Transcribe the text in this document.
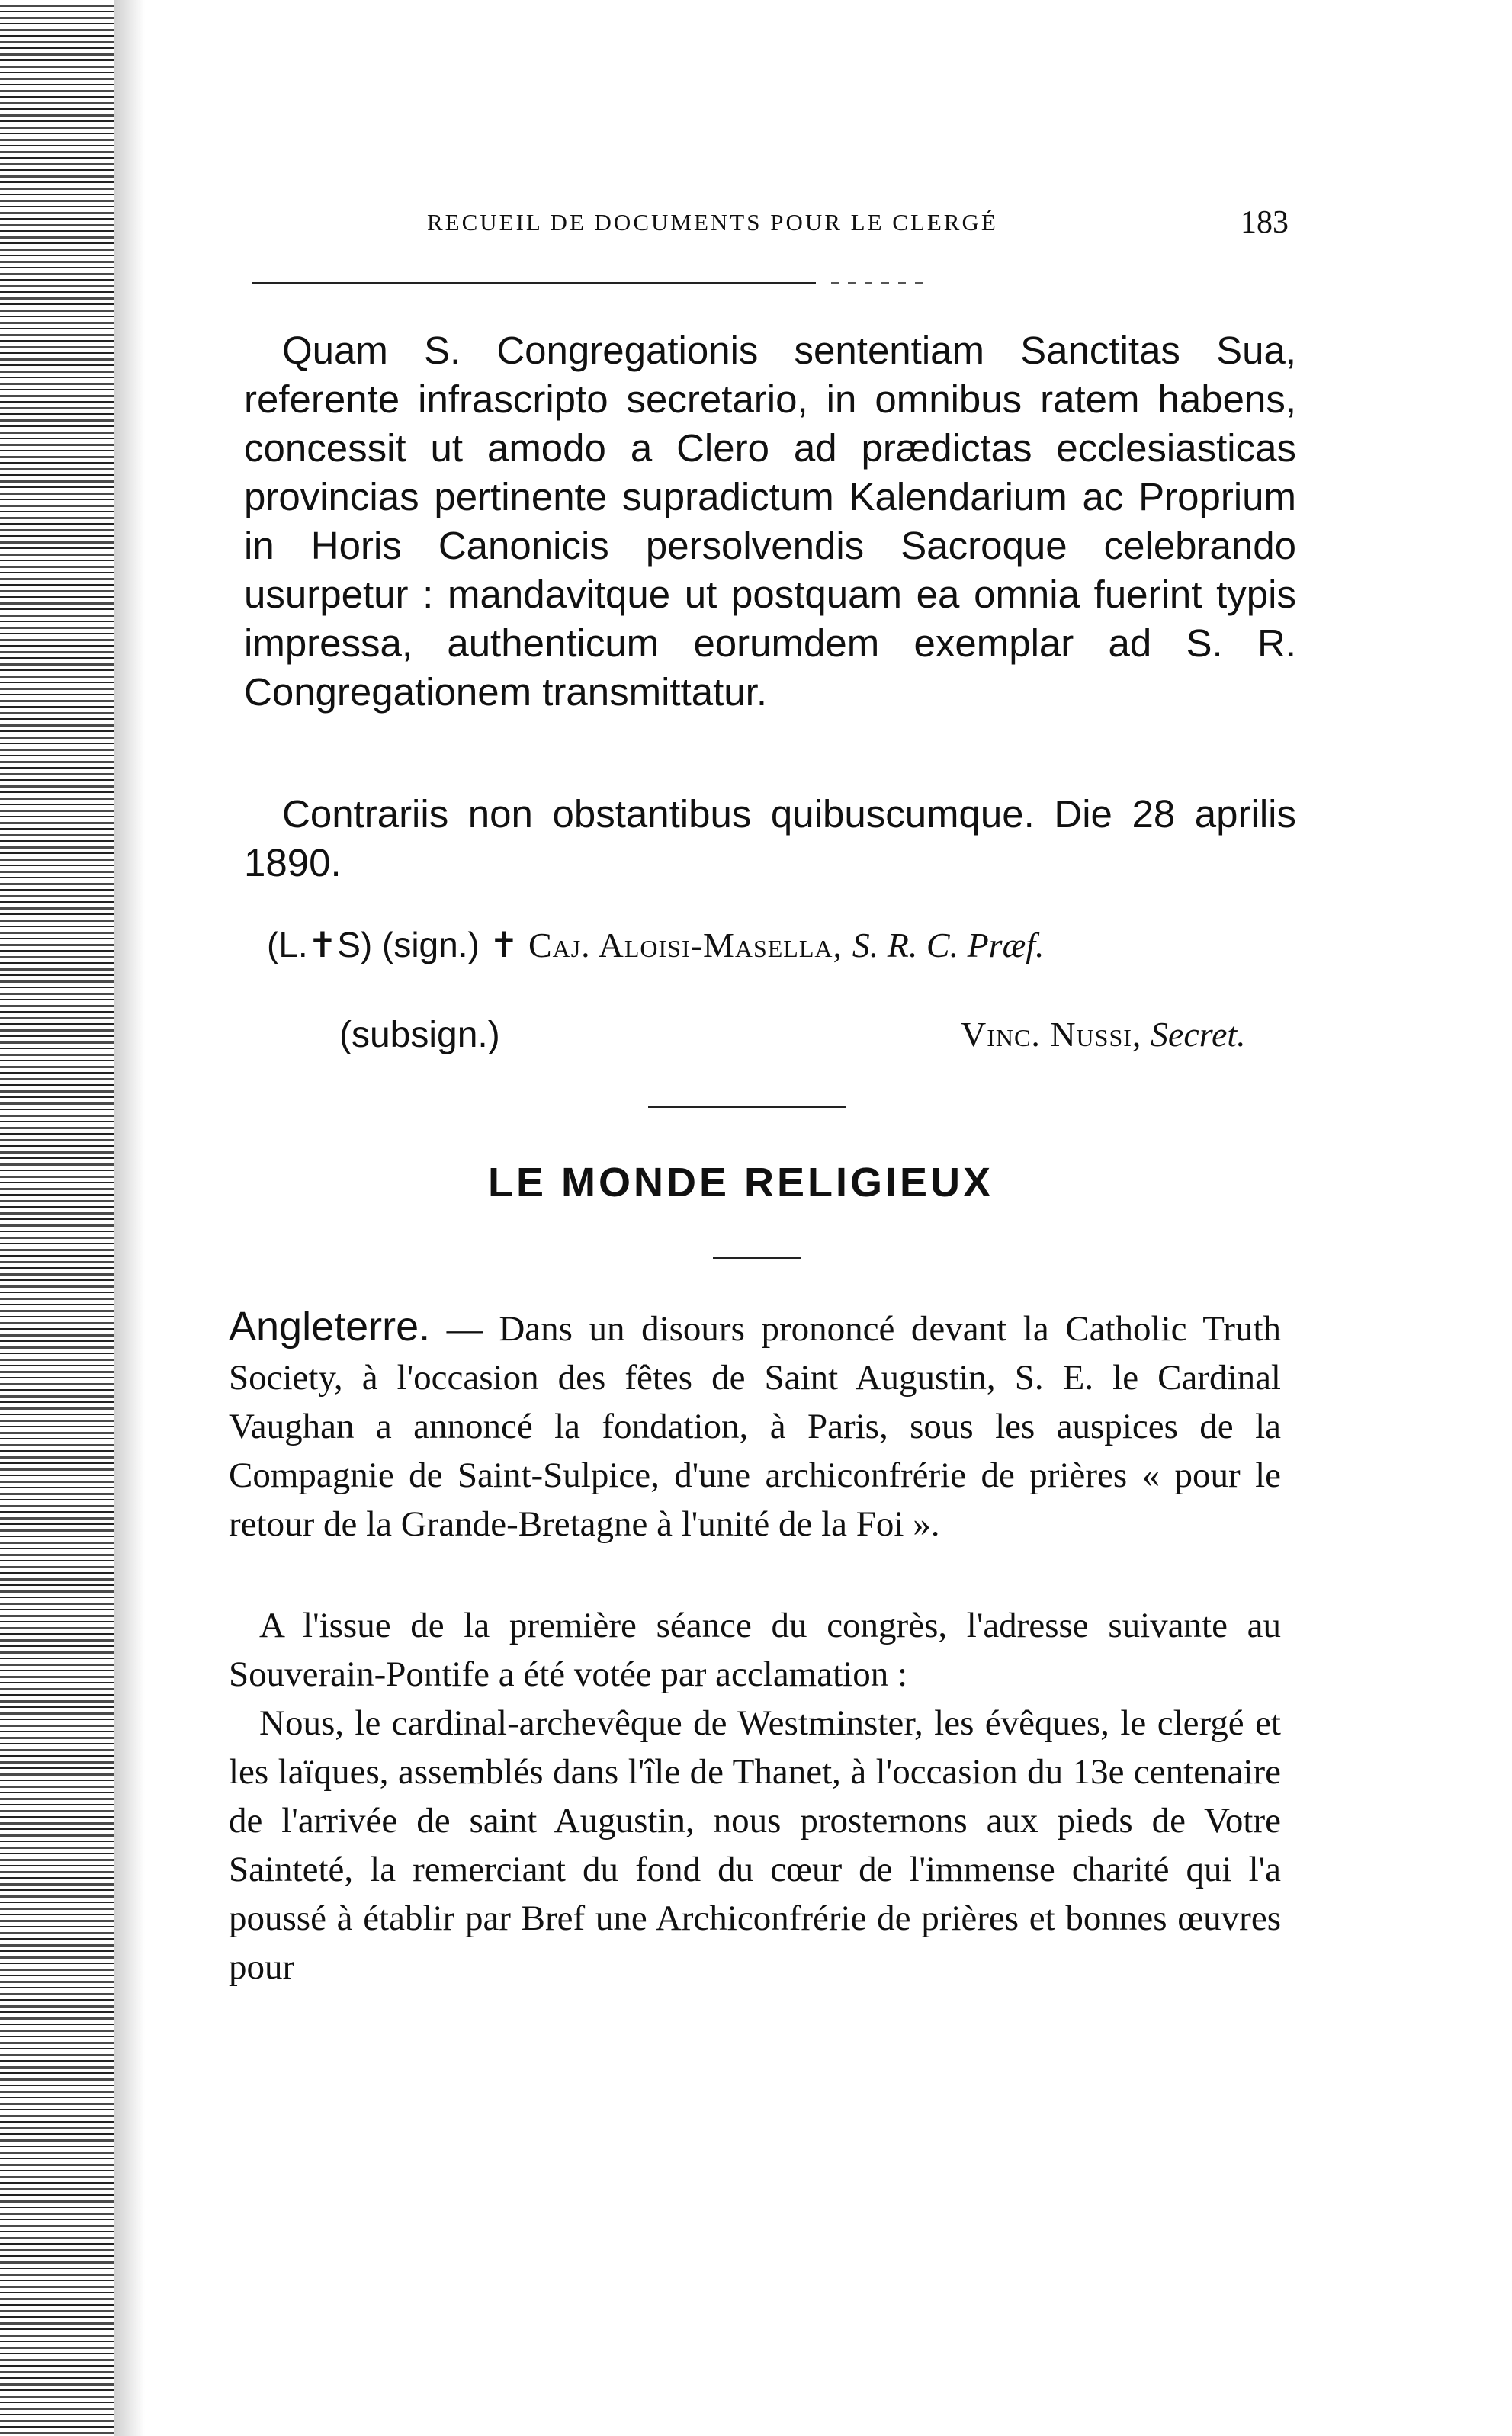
RECUEIL DE DOCUMENTS POUR LE CLERGÉ	183
Quam S. Congregationis sententiam Sanctitas Sua, referente infrascripto secretario, in omnibus ratem habens, concessit ut amodo a Clero ad prædictas ecclesiasticas provincias pertinente supradictum Kalendarium ac Proprium in Horis Canonicis persolvendis Sacroque celebrando usurpetur : mandavitque ut postquam ea omnia fuerint typis impressa, authenticum eorumdem exemplar ad S. R. Congregationem transmittatur.
Contrariis non obstantibus quibuscumque. Die 28 aprilis 1890.
(L.✝S) (sign.) ✝ Caj. Aloisi-Masella, S. R. C. Præf.
(subsign.)	Vinc. Nussi, Secret.
LE MONDE RELIGIEUX
Angleterre. — Dans un disours prononcé devant la Catholic Truth Society, à l'occasion des fêtes de Saint Augustin, S. E. le Cardinal Vaughan a annoncé la fondation, à Paris, sous les auspices de la Compagnie de Saint-Sulpice, d'une archiconfrérie de prières « pour le retour de la Grande-Bretagne à l'unité de la Foi ».
A l'issue de la première séance du congrès, l'adresse suivante au Souverain-Pontife a été votée par acclamation :
Nous, le cardinal-archevêque de Westminster, les évêques, le clergé et les laïques, assemblés dans l'île de Thanet, à l'occasion du 13e centenaire de l'arrivée de saint Augustin, nous prosternons aux pieds de Votre Sainteté, la remerciant du fond du cœur de l'immense charité qui l'a poussé à établir par Bref une Archiconfrérie de prières et bonnes œuvres pour
